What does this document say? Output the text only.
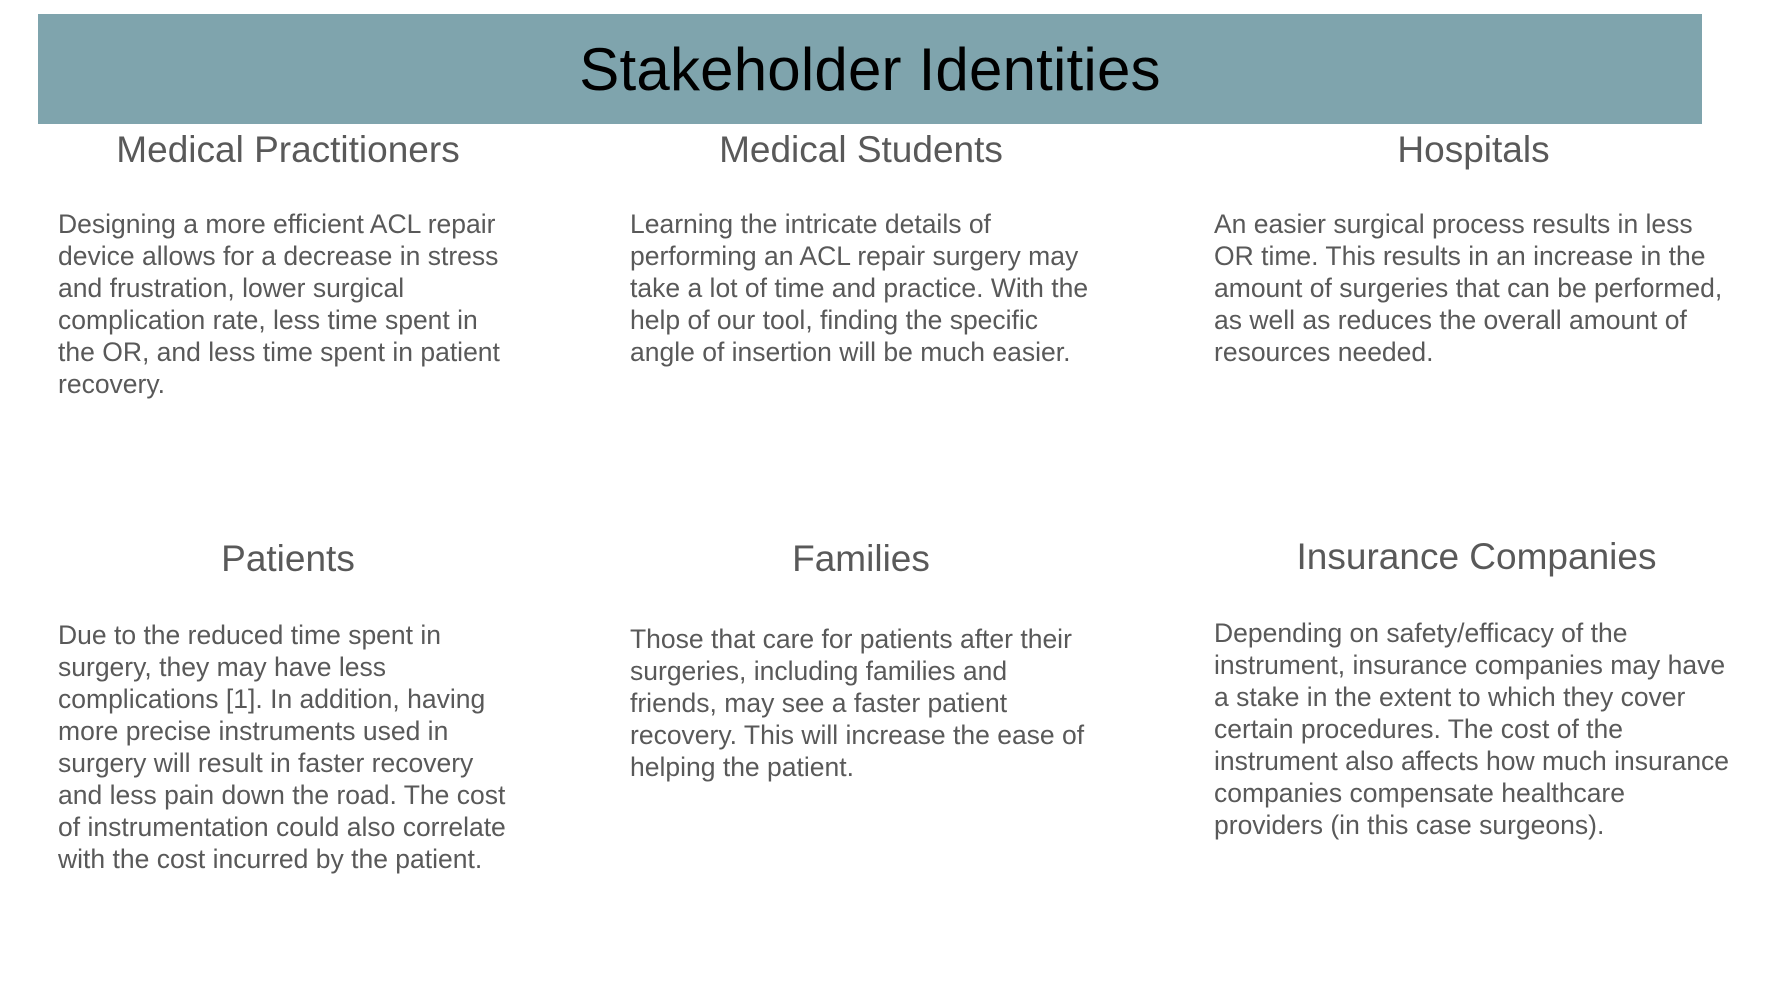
Stakeholder Identities
Medical Practitioners
Designing a more efficient ACL repair device allows for a decrease in stress and frustration, lower surgical complication rate, less time spent in the OR, and less time spent in patient recovery.
Medical Students
Learning the intricate details of performing an ACL repair surgery may take a lot of time and practice. With the help of our tool, finding the specific angle of insertion will be much easier.
Hospitals
An easier surgical process results in less OR time. This results in an increase in the amount of surgeries that can be performed, as well as reduces the overall amount of resources needed.
Patients
Due to the reduced time spent in surgery, they may have less complications [1]. In addition, having more precise instruments used in surgery will result in faster recovery and less pain down the road. The cost of instrumentation could also correlate with the cost incurred by the patient.
Families
Those that care for patients after their surgeries, including families and friends, may see a faster patient recovery. This will increase the ease of helping the patient.
Insurance Companies
Depending on safety/efficacy of the instrument, insurance companies may have a stake in the extent to which they cover certain procedures. The cost of the instrument also affects how much insurance companies compensate healthcare providers (in this case surgeons).
